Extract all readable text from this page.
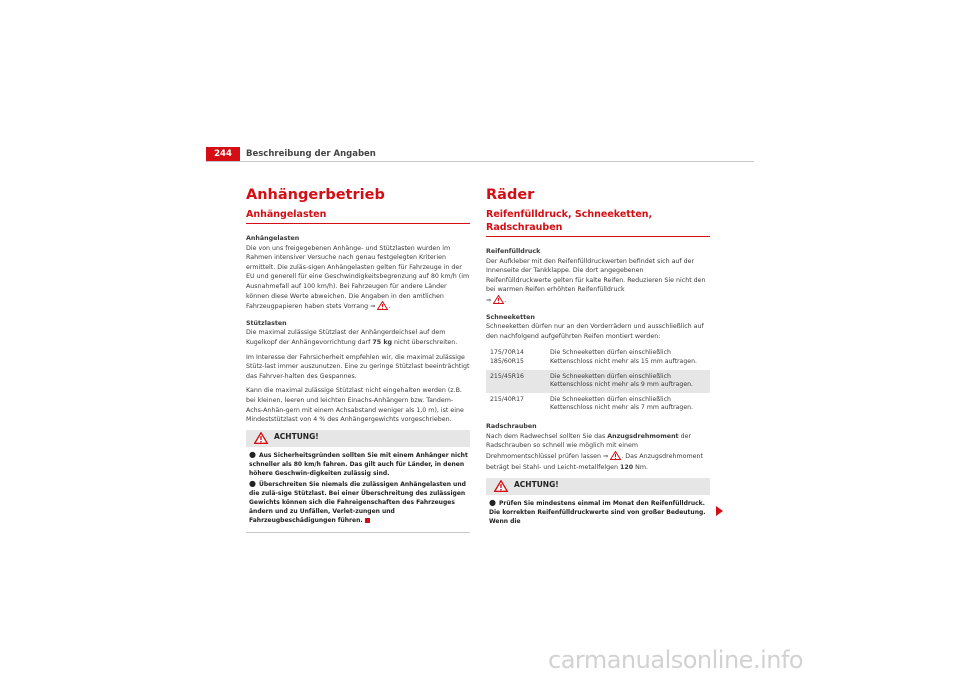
244	Beschreibung der Angaben
Anhängerbetrieb
Anhängelasten
Anhängelasten

Die von uns freigegebenen Anhänge- und Stützlasten wurden im Rahmen intensiver Versuche nach genau festgelegten Kriterien ermittelt. Die zuläs-sigen Anhängelasten gelten für Fahrzeuge in der EU und generell für eine Geschwindigkeitsbegrenzung auf 80 km/h (im Ausnahmefall auf 100 km/h). Bei Fahrzeugen für andere Länder können diese Werte abweichen. Die Angaben in den amtlichen Fahrzeugpapieren haben stets Vorrang ⇒ .

Stützlasten

Die maximal zulässige Stützlast der Anhängerdeichsel auf dem Kugelkopf der Anhängevorrichtung darf 75 kg nicht überschreiten.

Im Interesse der Fahrsicherheit empfehlen wir, die maximal zulässige Stütz-last immer auszunutzen. Eine zu geringe Stützlast beeinträchtigt das Fahrver-halten des Gespannes.

Kann die maximal zulässige Stützlast nicht eingehalten werden (z.B. bei kleinen, leeren und leichten Einachs-Anhängern bzw. Tandem-Achs-Anhän-gern mit einem Achsabstand weniger als 1,0 m), ist eine Mindeststützlast von 4 % des Anhängergewichts vorgeschrieben.

ACHTUNG!
● Aus Sicherheitsgründen sollten Sie mit einem Anhänger nicht schneller als 80 km/h fahren. Das gilt auch für Länder, in denen höhere Geschwin-digkeiten zulässig sind.
● Überschreiten Sie niemals die zulässigen Anhängelasten und die zulä-sige Stützlast. Bei einer Überschreitung des zulässigen Gewichts können sich die Fahreigenschaften des Fahrzeuges ändern und zu Unfällen, Verlet-zungen und Fahrzeugbeschädigungen führen.
Räder
Reifenfülldruck, Schneeketten, Radschrauben
Reifenfülldruck

Der Aufkleber mit den Reifenfülldruckwerten befindet sich auf der Innenseite der Tankklappe. Die dort angegebenen Reifenfülldruckwerte gelten für kalte Reifen. Reduzieren Sie nicht den bei warmen Reifen erhöhten Reifenfülldruck
⇒ .

Schneeketten

Schneeketten dürfen nur an den Vorderrädern und ausschließlich auf den nachfolgend aufgeführten Reifen montiert werden:

175/70R14
185/60R15	Die Schneeketten dürfen einschließlich Kettenschloss nicht mehr als 15 mm auftragen.
215/45R16	Die Schneeketten dürfen einschließlich Kettenschloss nicht mehr als 9 mm auftragen.
215/40R17	Die Schneeketten dürfen einschließlich Kettenschloss nicht mehr als 7 mm auftragen.
Radschrauben

Nach dem Radwechsel sollten Sie das Anzugsdrehmoment der Radschrauben so schnell wie möglich mit einem Drehmomentschlüssel prüfen lassen ⇒ . Das Anzugsdrehmoment beträgt bei Stahl- und Leicht-metallfelgen 120 Nm.

ACHTUNG!
● Prüfen Sie mindestens einmal im Monat den Reifenfülldruck. Die korrekten Reifenfülldruckwerte sind von großer Bedeutung. Wenn die
carmanualsonline.info
